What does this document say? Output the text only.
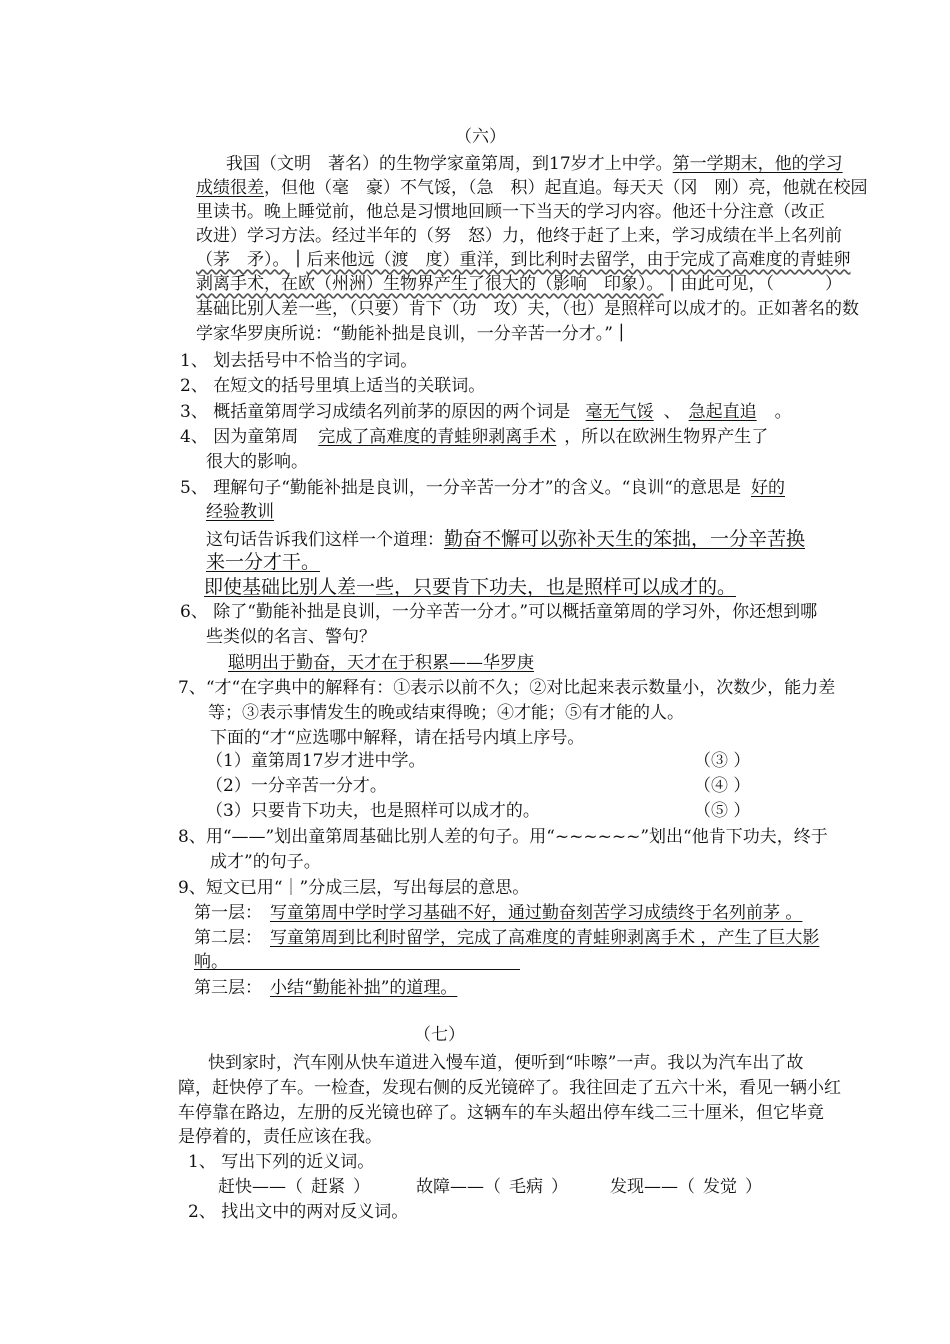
（六）
我国（文明　著名）的生物学家童第周，到17岁才上中学。第一学期末，他的学习
成绩很差，但他（毫　豪）不气馁，（急　积）起直追。每天天（冈　刚）亮，他就在校园
里读书。晚上睡觉前，他总是习惯地回顾一下当天的学习内容。他还十分注意（改正
改进）学习方法。经过半年的（努　怒）力，他终于赶了上来，学习成绩在半上名列前
（茅　矛）。｜后来他远（渡　度）重洋，到比利时去留学，由于完成了高难度的青蛙卵
剥离手术，在欧（州洲）生物界产生了很大的（影响　印象）。｜由此可见，（　　　）
基础比别人差一些，（只要）肯下（功　攻）夫，（也）是照样可以成才的。正如著名的数
学家华罗庚所说：“勤能补拙是良训，一分辛苦一分才。”｜
1、 划去括号中不恰当的字词。
2、 在短文的括号里填上适当的关联词。
3、 概括童第周学习成绩名列前茅的原因的两个词是 毫无气馁 、 急起直追 。
4、 因为童第周 完成了高难度的青蛙卵剥离手术 ，所以在欧洲生物界产生了
很大的影响。
5、 理解句子“勤能补拙是良训，一分辛苦一分才”的含义。“良训“的意思是 好的
经验教训
这句话告诉我们这样一个道理：勤奋不懈可以弥补天生的笨拙，一分辛苦换
来一分才干。
即使基础比别人差一些，只要肯下功夫，也是照样可以成才的。
6、 除了“勤能补拙是良训，一分辛苦一分才。”可以概括童第周的学习外，你还想到哪
些类似的名言、警句？
聪明出于勤奋，天才在于积累——华罗庚
7、“才“在字典中的解释有：①表示以前不久；②对比起来表示数量小，次数少，能力差
等；③表示事情发生的晚或结束得晚；④才能；⑤有才能的人。
下面的“才“应选哪中解释，请在括号内填上序号。
（1）童第周17岁才进中学。	（③ ）
（2）一分辛苦一分才。	（④ ）
（3）只要肯下功夫，也是照样可以成才的。	（⑤ ）
8、用“——”划出童第周基础比别人差的句子。用“~~~~~~”划出“他肯下功夫，终于
成才”的句子。
9、短文已用“｜”分成三层，写出每层的意思。
第一层： 写童第周中学时学习基础不好，通过勤奋刻苦学习成绩终于名列前茅 。
第二层： 写童第周到比利时留学，完成了高难度的青蛙卵剥离手术 ，产生了巨大影
响。
第三层： 小结“勤能补拙”的道理。
（七）
快到家时，汽车刚从快车道进入慢车道，便听到“咔嚓”一声。我以为汽车出了故
障，赶快停了车。一检查，发现右侧的反光镜碎了。我往回走了五六十米，看见一辆小红
车停靠在路边，左册的反光镜也碎了。这辆车的车头超出停车线二三十厘米，但它毕竟
是停着的，责任应该在我。
1、 写出下列的近义词。
赶快——（ 赶紧 ）	故障——（ 毛病 ） 发现——（ 发觉 ）
2、 找出文中的两对反义词。
